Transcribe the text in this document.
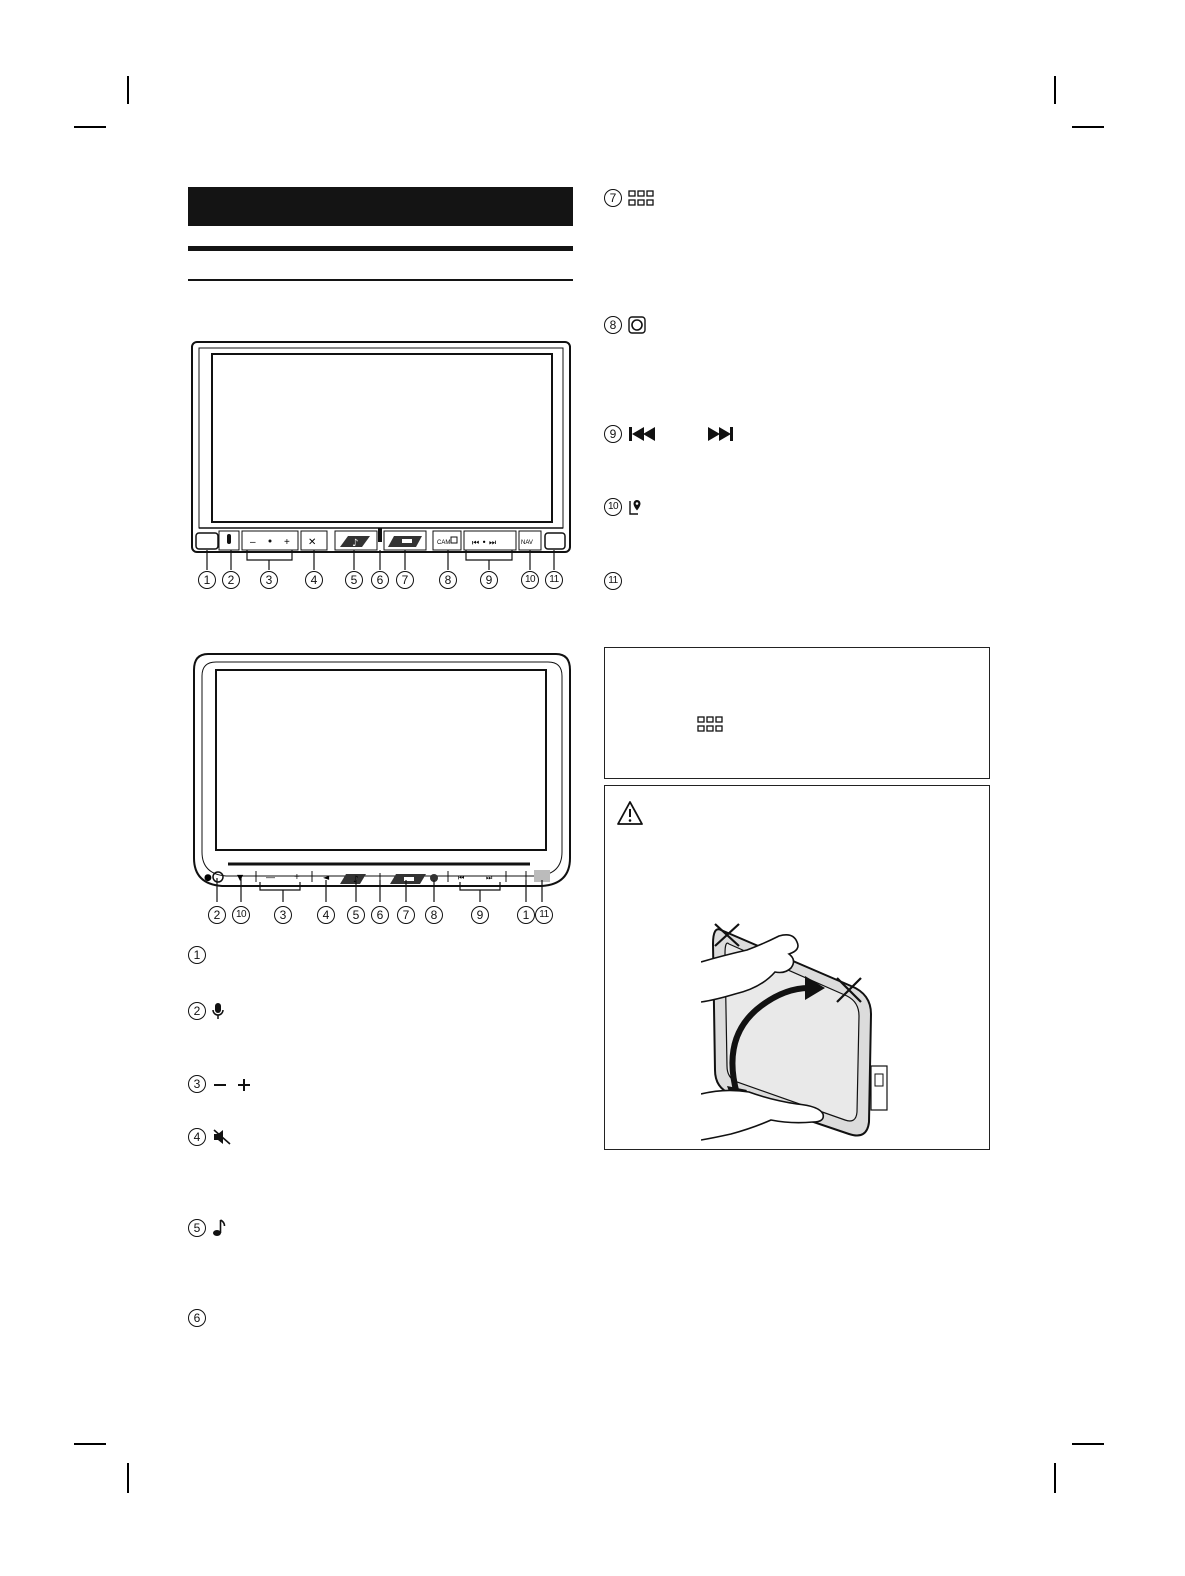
–	+ ✕	♪	CAM	⏮ • ⏭	NAV
1	2	3	4	5	6	7	8	9	10	11
●	▼	— +	◄	♪	⏮	⏭
2	10	3	4	5	6	7	8	9	1 11
1
2
3
4
5
6
7
8
9
10
11
